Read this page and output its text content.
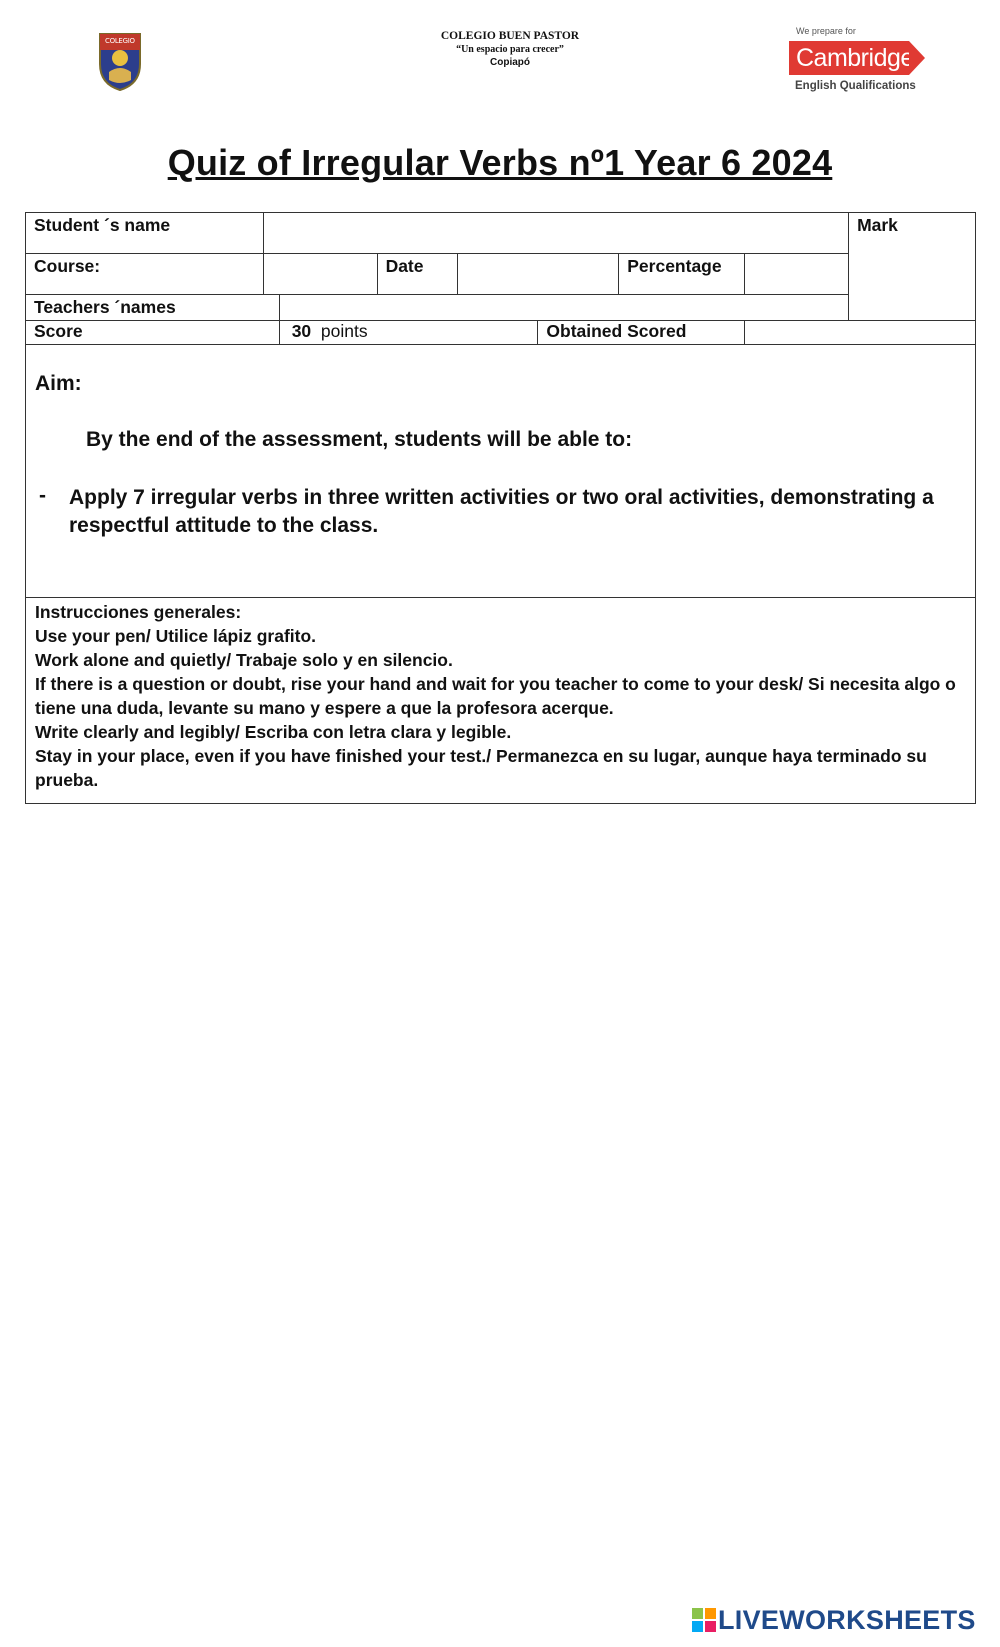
COLEGIO	COLEGIO BUEN PASTOR
“Un espacio para crecer”
Copiapó
We prepare for
Cambridge
English Qualifications
Quiz of Irregular Verbs nº1 Year 6 2024
Student ´s name								Mark
Course:			Date			Percentage		
Teachers ´names								
Score		30 points			Obtained Scored			
Aim:
By the end of the assessment, students will be able to:
- Apply 7 irregular verbs in three written activities or two oral activities, demonstrating a respectful attitude to the class.

Instrucciones generales:

Use your pen/ Utilice lápiz grafito.

Work alone and quietly/ Trabaje solo y en silencio.

If there is a question or doubt, rise your hand and wait for you teacher to come to your desk/ Si necesita algo o tiene una duda, levante su mano y espere a que la profesora acerque.

Write clearly and legibly/ Escriba con letra clara y legible.

Stay in your place, even if you have finished your test./ Permanezca en su lugar, aunque haya terminado su prueba.

LIVEWORKSHEETS
